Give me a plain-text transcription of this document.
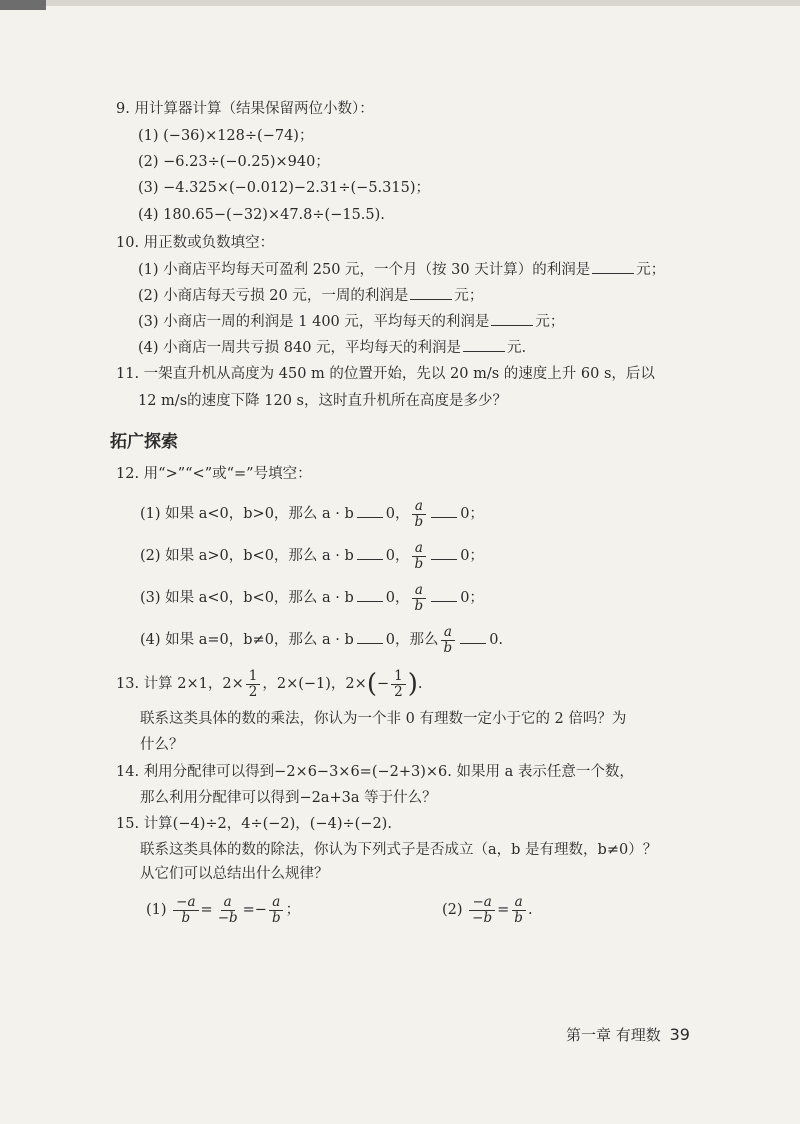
9. 用计算器计算（结果保留两位小数）：
(1) (−36)×128÷(−74)；
(2) −6.23÷(−0.25)×940；
(3) −4.325×(−0.012)−2.31÷(−5.315)；
(4) 180.65−(−32)×47.8÷(−15.5).
10. 用正数或负数填空：
(1) 小商店平均每天可盈利 250 元，一个月（按 30 天计算）的利润是	元；
(2) 小商店每天亏损 20 元，一周的利润是	元；
(3) 小商店一周的利润是 1 400 元，平均每天的利润是	元；
(4) 小商店一周共亏损 840 元，平均每天的利润是	元.
11. 一架直升机从高度为 450 m 的位置开始，先以 20 m/s 的速度上升 60 s，后以
12 m/s的速度下降 120 s，这时直升机所在高度是多少？
拓广探索
12. 用“>”“<”或“=”号填空：
(1) 如果 a<0，b>0，那么 a · b 0， $\frac{a}{b} 0$；
(2) 如果 a>0，b<0，那么 a · b 0， $\frac{a}{b} 0$；
(3) 如果 a<0，b<0，那么 a · b 0， $\frac{a}{b} 0$；
(4) 如果 a=0，b≠0，那么 a · b 0，那么 $\frac{a}{b} 0$.
13. 计算 2×1，$2\times \frac{1}{2}$ ，2×(−1)，$2\times(- \frac{1}{2}$ ).
联系这类具体的数的乘法，你认为一个非 0 有理数一定小于它的 2 倍吗？为
什么？
14. 利用分配律可以得到−2×6−3×6=(−2+3)×6. 如果用 a 表示任意一个数，
那么利用分配律可以得到−2a+3a 等于什么？
15. 计算(−4)÷2，4÷(−2)，(−4)÷(−2).
联系这类具体的数的除法，你认为下列式子是否成立（a，b 是有理数，b≠0）？
从它们可以总结出什么规律？
$(1) \frac{-a}{b} = \frac{a}{-b} =- \frac{a}{b}$ ；	$(2) \frac{-a}{-b} = \frac{a}{b}$ .
第一章 有理数 39
